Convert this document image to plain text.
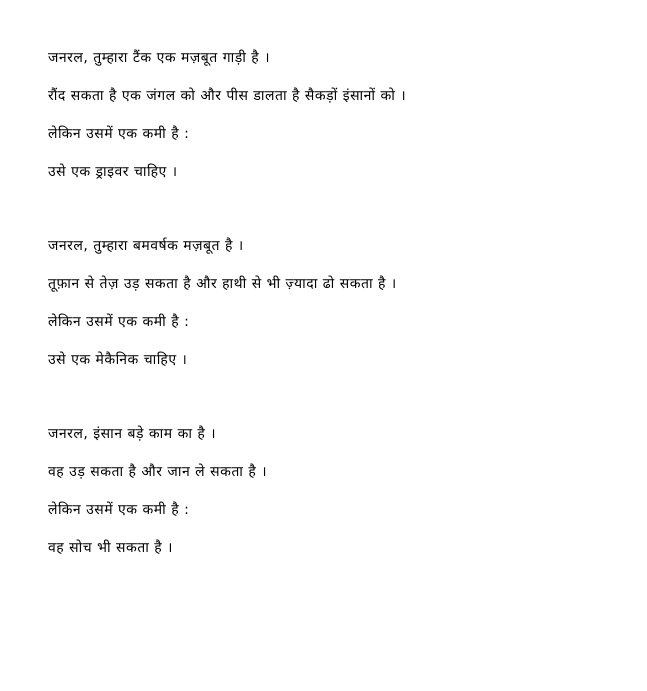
जनरल, तुम्हारा टैंक एक मज़बूत गाड़ी है ।
रौंद सकता है एक जंगल को और पीस डालता है सैकड़ों इंसानों को ।
लेकिन उसमें एक कमी है :
उसे एक ड्राइवर चाहिए ।
जनरल, तुम्हारा बमवर्षक मज़बूत है ।
तूफ़ान से तेज़ उड़ सकता है और हाथी से भी ज़्यादा ढो सकता है ।
लेकिन उसमें एक कमी है :
उसे एक मेकैनिक चाहिए ।
जनरल, इंसान बड़े काम का है ।
वह उड़ सकता है और जान ले सकता है ।
लेकिन उसमें एक कमी है :
वह सोच भी सकता है ।
